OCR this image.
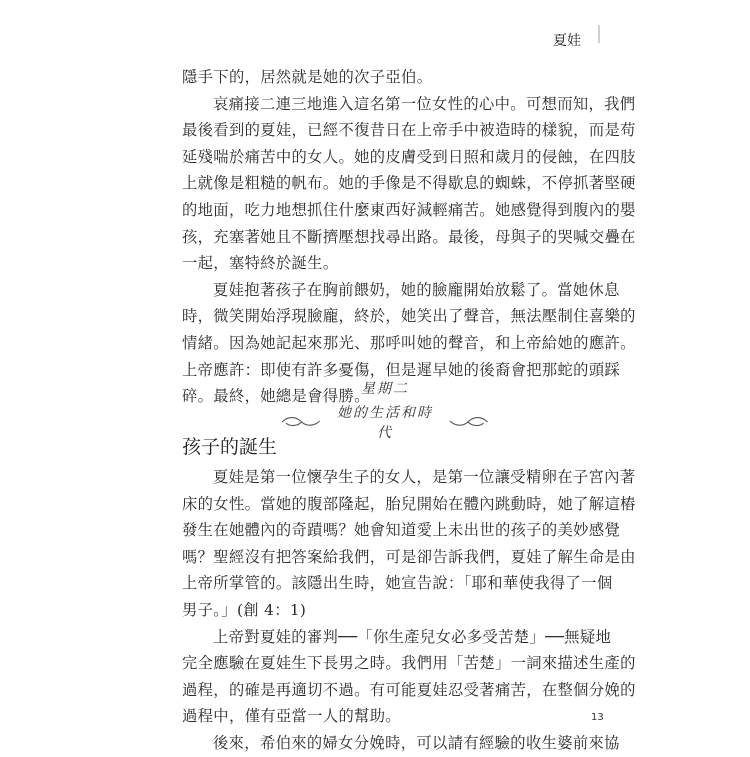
夏娃
隱手下的，居然就是她的次子亞伯。
哀痛接二連三地進入這名第一位女性的心中。可想而知，我們
最後看到的夏娃，已經不復昔日在上帝手中被造時的樣貌，而是苟
延殘喘於痛苦中的女人。她的皮膚受到日照和歲月的侵蝕，在四肢
上就像是粗糙的帆布。她的手像是不得歇息的蜘蛛，不停抓著堅硬
的地面，吃力地想抓住什麼東西好減輕痛苦。她感覺得到腹內的嬰
孩，充塞著她且不斷擠壓想找尋出路。最後，母與子的哭喊交疊在
一起，塞特終於誕生。
夏娃抱著孩子在胸前餵奶，她的臉龐開始放鬆了。當她休息
時，微笑開始浮現臉龐，終於，她笑出了聲音，無法壓制住喜樂的
情緒。因為她記起來那光、那呼叫她的聲音，和上帝給她的應許。
上帝應許：即使有許多憂傷，但是遲早她的後裔會把那蛇的頭踩
碎。最終，她總是會得勝。
星期二
她的生活和時代
孩子的誕生
夏娃是第一位懷孕生子的女人，是第一位讓受精卵在子宮內著
床的女性。當她的腹部隆起，胎兒開始在體內跳動時，她了解這樁
發生在她體內的奇蹟嗎？她會知道愛上未出世的孩子的美妙感覺
嗎？聖經沒有把答案給我們，可是卻告訴我們，夏娃了解生命是由
上帝所掌管的。該隱出生時，她宣告說：「耶和華使我得了一個
男子。」(創 4：1)
上帝對夏娃的審判──「你生產兒女必多受苦楚」──無疑地
完全應驗在夏娃生下長男之時。我們用「苦楚」一詞來描述生產的
過程，的確是再適切不過。有可能夏娃忍受著痛苦，在整個分娩的
過程中，僅有亞當一人的幫助。
後來，希伯來的婦女分娩時，可以請有經驗的收生婆前來協
13
